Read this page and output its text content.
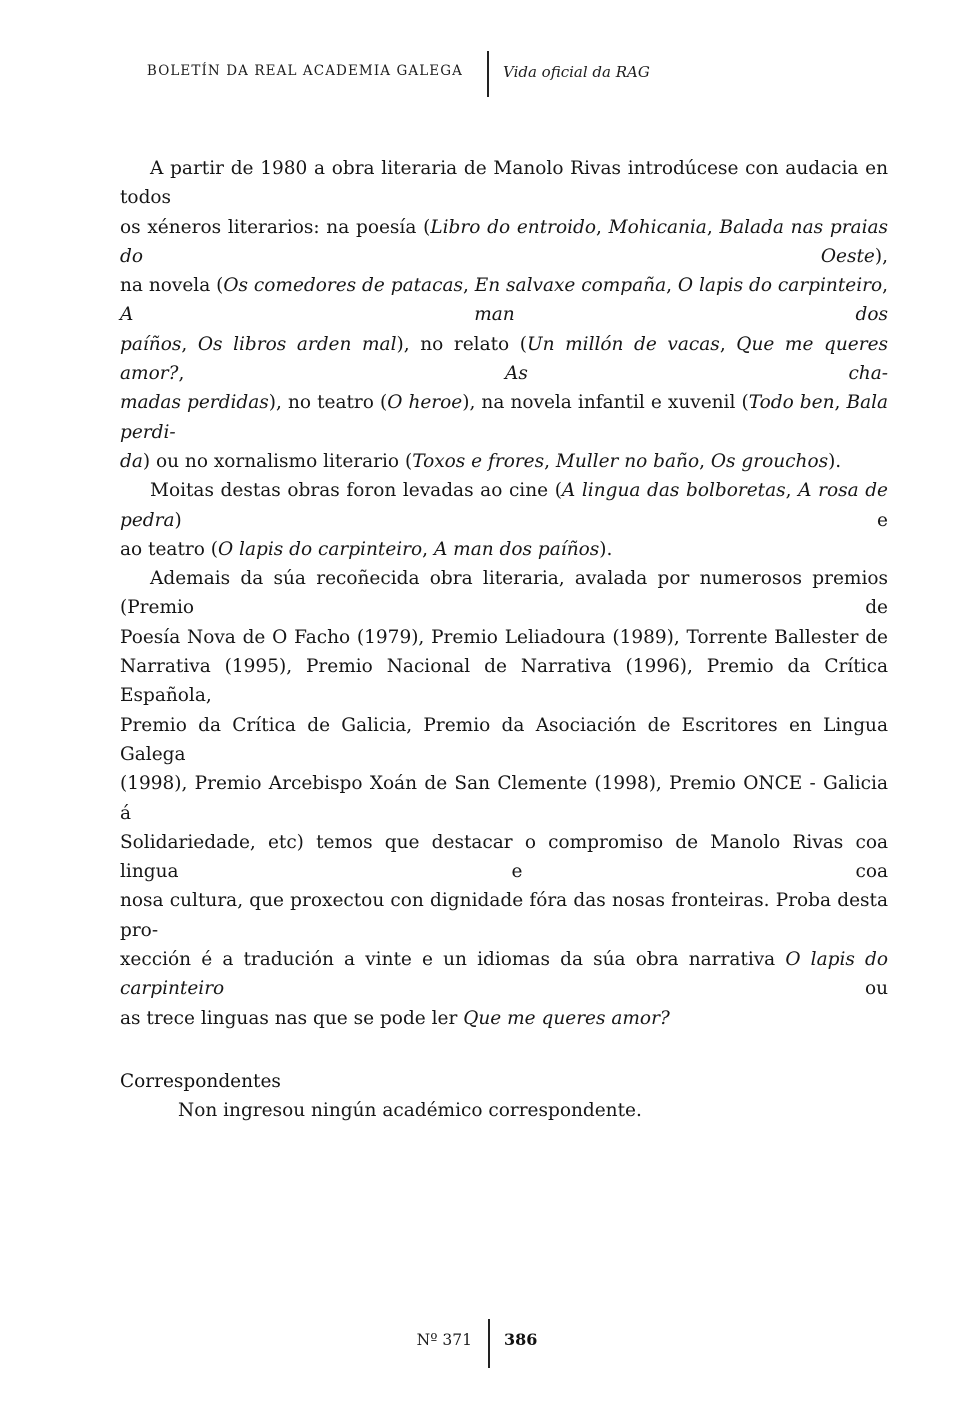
BOLETÍN DA REAL ACADEMIA GALEGA	Vida oficial da RAG
A partir de 1980 a obra literaria de Manolo Rivas introdúcese con audacia en todos
os xéneros literarios: na poesía (Libro do entroido, Mohicania, Balada nas praias do Oeste),
na novela (Os comedores de patacas, En salvaxe compaña, O lapis do carpinteiro, A man dos
paíños, Os libros arden mal), no relato (Un millón de vacas, Que me queres amor?, As cha-
madas perdidas), no teatro (O heroe), na novela infantil e xuvenil (Todo ben, Bala perdi-
da) ou no xornalismo literario (Toxos e frores, Muller no baño, Os grouchos).
Moitas destas obras foron levadas ao cine (A lingua das bolboretas, A rosa de pedra) e
ao teatro (O lapis do carpinteiro, A man dos paíños).
Ademais da súa recoñecida obra literaria, avalada por numerosos premios (Premio de
Poesía Nova de O Facho (1979), Premio Leliadoura (1989), Torrente Ballester de
Narrativa (1995), Premio Nacional de Narrativa (1996), Premio da Crítica Española,
Premio da Crítica de Galicia, Premio da Asociación de Escritores en Lingua Galega
(1998), Premio Arcebispo Xoán de San Clemente (1998), Premio ONCE - Galicia á
Solidariedade, etc) temos que destacar o compromiso de Manolo Rivas coa lingua e coa
nosa cultura, que proxectou con dignidade fóra das nosas fronteiras. Proba desta pro-
xección é a tradución a vinte e un idiomas da súa obra narrativa O lapis do carpinteiro ou
as trece linguas nas que se pode ler Que me queres amor?
Correspondentes
Non ingresou ningún académico correspondente.
Nº 371 386
